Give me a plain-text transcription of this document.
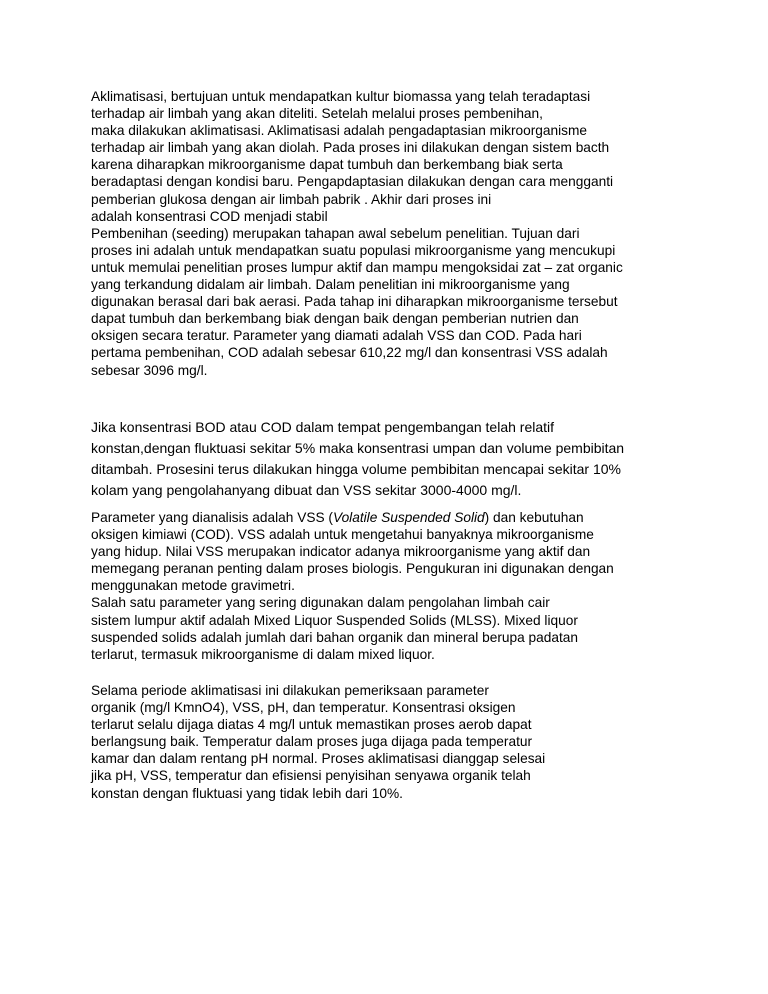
Aklimatisasi, bertujuan untuk mendapatkan kultur biomassa yang telah teradaptasi
terhadap air limbah yang akan diteliti. Setelah melalui proses pembenihan,
maka dilakukan aklimatisasi. Aklimatisasi adalah pengadaptasian mikroorganisme
terhadap air limbah yang akan diolah. Pada proses ini dilakukan dengan sistem bacth
karena diharapkan mikroorganisme dapat tumbuh dan berkembang biak serta
beradaptasi dengan kondisi baru. Pengapdaptasian dilakukan dengan cara mengganti
pemberian glukosa dengan air limbah pabrik . Akhir dari proses ini
adalah konsentrasi COD menjadi stabil
Pembenihan (seeding) merupakan tahapan awal sebelum penelitian. Tujuan dari
proses ini adalah untuk mendapatkan suatu populasi mikroorganisme yang mencukupi
untuk memulai penelitian proses lumpur aktif dan mampu mengoksidai zat – zat organic
yang terkandung didalam air limbah. Dalam penelitian ini mikroorganisme yang
digunakan berasal dari bak aerasi. Pada tahap ini diharapkan mikroorganisme tersebut
dapat tumbuh dan berkembang biak dengan baik dengan pemberian nutrien dan
oksigen secara teratur. Parameter yang diamati adalah VSS dan COD. Pada hari
pertama pembenihan, COD adalah sebesar 610,22 mg/l dan konsentrasi VSS adalah
sebesar 3096 mg/l.
Jika konsentrasi BOD atau COD dalam tempat pengembangan telah relatif
konstan,dengan fluktuasi sekitar 5% maka konsentrasi umpan dan volume pembibitan
ditambah. Prosesini terus dilakukan hingga volume pembibitan mencapai sekitar 10%
kolam yang pengolahanyang dibuat dan VSS sekitar 3000-4000 mg/l.
Parameter yang dianalisis adalah VSS (Volatile Suspended Solid) dan kebutuhan
oksigen kimiawi (COD). VSS adalah untuk mengetahui banyaknya mikroorganisme
yang hidup. Nilai VSS merupakan indicator adanya mikroorganisme yang aktif dan
memegang peranan penting dalam proses biologis. Pengukuran ini digunakan dengan
menggunakan metode gravimetri.
Salah satu parameter yang sering digunakan dalam pengolahan limbah cair
sistem lumpur aktif adalah Mixed Liquor Suspended Solids (MLSS). Mixed liquor
suspended solids adalah jumlah dari bahan organik dan mineral berupa padatan
terlarut, termasuk mikroorganisme di dalam mixed liquor.
Selama periode aklimatisasi ini dilakukan pemeriksaan parameter
organik (mg/l KmnO4), VSS, pH, dan temperatur. Konsentrasi oksigen
terlarut selalu dijaga diatas 4 mg/l untuk memastikan proses aerob dapat
berlangsung baik. Temperatur dalam proses juga dijaga pada temperatur
kamar dan dalam rentang pH normal. Proses aklimatisasi dianggap selesai
jika pH, VSS, temperatur dan efisiensi penyisihan senyawa organik telah
konstan dengan fluktuasi yang tidak lebih dari 10%.
